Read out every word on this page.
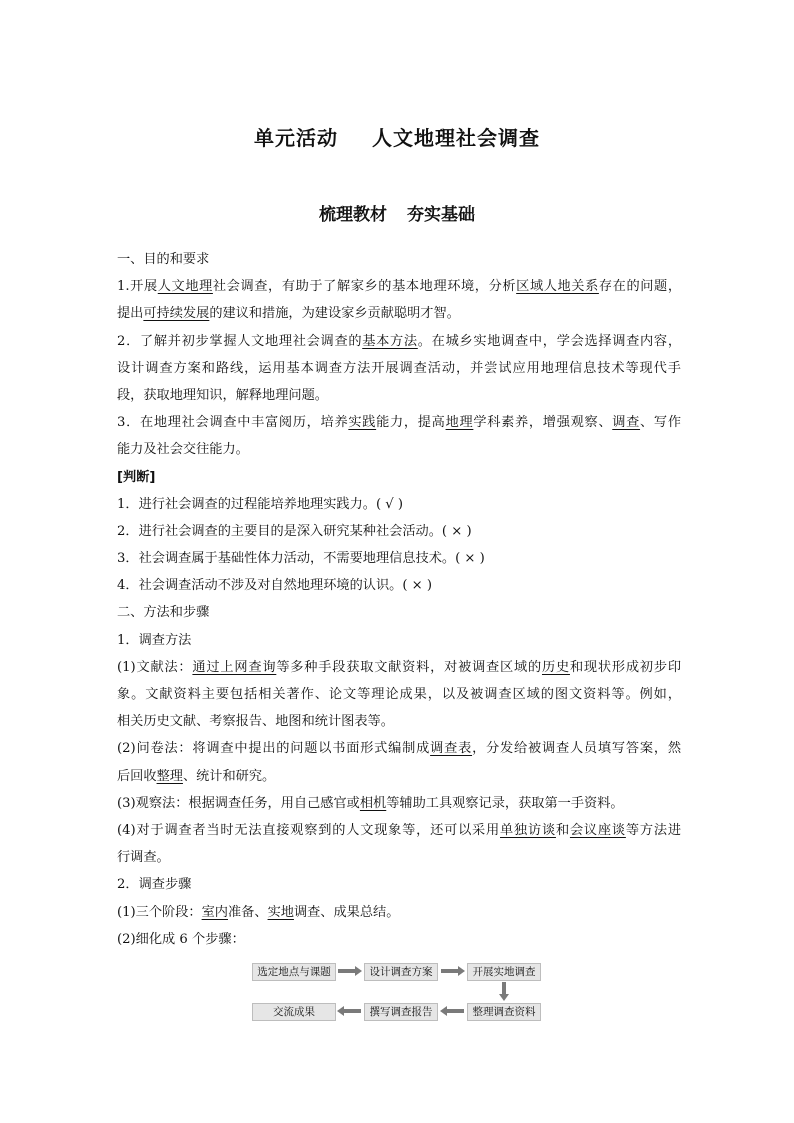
单元活动 人文地理社会调查
梳理教材 夯实基础
一、目的和要求
1.开展人文地理社会调查，有助于了解家乡的基本地理环境，分析区域人地关系存在的问题，
提出可持续发展的建议和措施，为建设家乡贡献聪明才智。
2．了解并初步掌握人文地理社会调查的基本方法。在城乡实地调查中，学会选择调查内容，
设计调查方案和路线，运用基本调查方法开展调查活动，并尝试应用地理信息技术等现代手
段，获取地理知识，解释地理问题。
3．在地理社会调查中丰富阅历，培养实践能力，提高地理学科素养，增强观察、调查、写作
能力及社会交往能力。
[判断]
1．进行社会调查的过程能培养地理实践力。( √ )
2．进行社会调查的主要目的是深入研究某种社会活动。( × )
3．社会调查属于基础性体力活动，不需要地理信息技术。( × )
4．社会调查活动不涉及对自然地理环境的认识。( × )
二、方法和步骤
1．调查方法
(1)文献法：通过上网查询等多种手段获取文献资料，对被调查区域的历史和现状形成初步印
象。文献资料主要包括相关著作、论文等理论成果，以及被调查区域的图文资料等。例如，
相关历史文献、考察报告、地图和统计图表等。
(2)问卷法：将调查中提出的问题以书面形式编制成调查表，分发给被调查人员填写答案，然
后回收整理、统计和研究。
(3)观察法：根据调查任务，用自己感官或相机等辅助工具观察记录，获取第一手资料。
(4)对于调查者当时无法直接观察到的人文现象等，还可以采用单独访谈和会议座谈等方法进
行调查。
2．调查步骤
(1)三个阶段：室内准备、实地调查、成果总结。
(2)细化成 6 个步骤：
选定地点与课题	设计调查方案	开展实地调查
整理调查资料
撰写调查报告
交流成果
